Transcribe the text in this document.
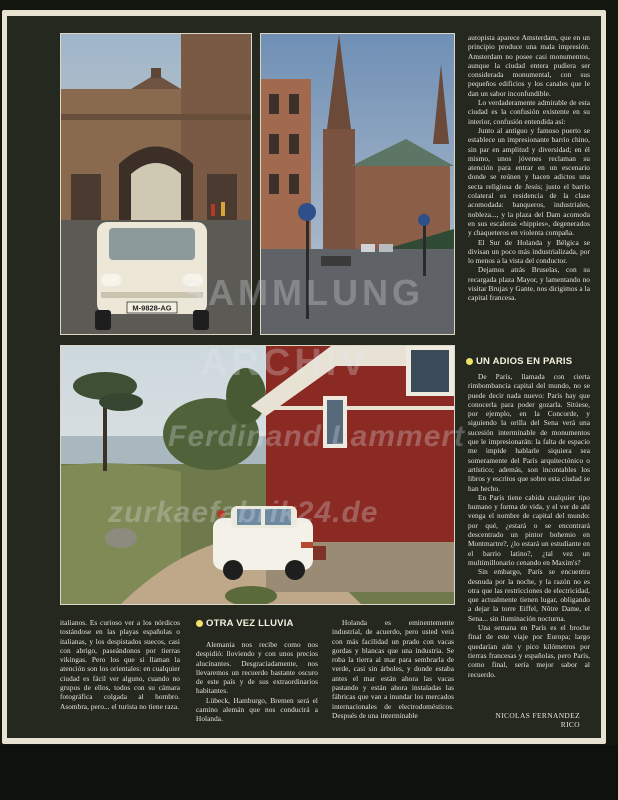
M-9828-AG SAMMLUNG
ARCHIV
Ferdinand Lammert
zurkaefabrik24.de

autopista aparece Amsterdam, que en un principio produce una mala impresión. Amsterdam no posee casi monumentos, aunque la ciudad entera pudiera ser considerada monumental, con sus pequeños edificios y los canales que le dan un sabor inconfundible.

Lo verdaderamente admirable de esta ciudad es la confusión existente en su interior, confusión entendida así:

Junto al antiguo y famoso puerto se establece un impresionante barrio chino, sin par en amplitud y diversidad; en él mismo, unos jóvenes reclaman su atención para entrar en un escenario donde se reúnen y hacen adictos una secta religiosa de Jesús; justo el barrio colateral es residencia de la clase acomodada: banqueros, industriales, nobleza..., y la plaza del Dam acomoda en sus escaleras «hippies», degenerados y chaqueteros en violenta compaña.

El Sur de Holanda y Bélgica se divisan un poco más industrializada, por lo menos a la vista del conductor.

Dejamos atrás Bruselas, con su recargada plaza Mayor, y lamentando no visitar Brujas y Gante, nos dirigimos a la capital francesa.

UN ADIOS EN PARIS

De París, llamada con cierta rimbombancia capital del mundo, no se puede decir nada nuevo: París hay que conocerla para poder gozarla. Sitúese, por ejemplo, en la Concorde, y siguiendo la orilla del Sena verá una sucesión interminable de monumentos que le impresionarán: la falta de espacio me impide hablarle siquiera sea someramente del París arquitectónico o artístico; además, son incontables los libros y escritos que sobre esta ciudad se han hecho.

En París tiene cabida cualquier tipo humano y forma de vida, y el ver de ahí venga el nombre de capital del mundo: por qué, ¿estará o se encontrará descentrado un pintor bohemio en Montmartre?, ¿lo estará un estudiante en el barrio latino?, ¿tal vez un multimillonario cenando en Maxim's?

Sin embargo, París se encuentra desnuda por la noche, y la razón no es otra que las restricciones de electricidad, que actualmente tienen lugar, obligando a dejar la torre Eiffel, Nôtre Dame, el Sena... sin iluminación nocturna.

Una semana en París es el broche final de este viaje por Europa; largo quedarían aún y pico kilómetros por tierras francesas y españolas, pero París, como final, sería mejor sabor al recuerdo.

NICOLAS FERNANDEZ
RICO

italianos. Es curioso ver a los nórdicos tostándose en las playas españolas o italianas, y los despistados suecos, casi con abrigo, paseándonos por tierras vikingas. Pero los que si llaman la atención son los orientales: en cualquier ciudad es fácil ver alguno, cuando no grupos de ellos, todos con su cámara fotográfica colgada al hombro. Asombra, pero... el turista no tiene raza.

OTRA VEZ LLUVIA

Alemania nos recibe como nos despidió: lloviendo y con unos precios alucinantes. Desgraciadamente, nos llevaremos un recuerdo bastante oscuro de este país y de sus extraordinarios habitantes.

Lübeck, Hamburgo, Bremen será el camino alemán que nos conducirá a Holanda.

Holanda es eminentemente industrial, de acuerdo, pero usted verá con más facilidad un prado con vacas gordas y blancas que una industria. Se roba la tierra al mar para sembrarla de verde, casi sin árboles, y donde estaba antes el mar están ahora las vacas pastando y están ahora instaladas las fábricas que van a inundar los mercados internacionales de electrodomésticos. Después de una interminable
